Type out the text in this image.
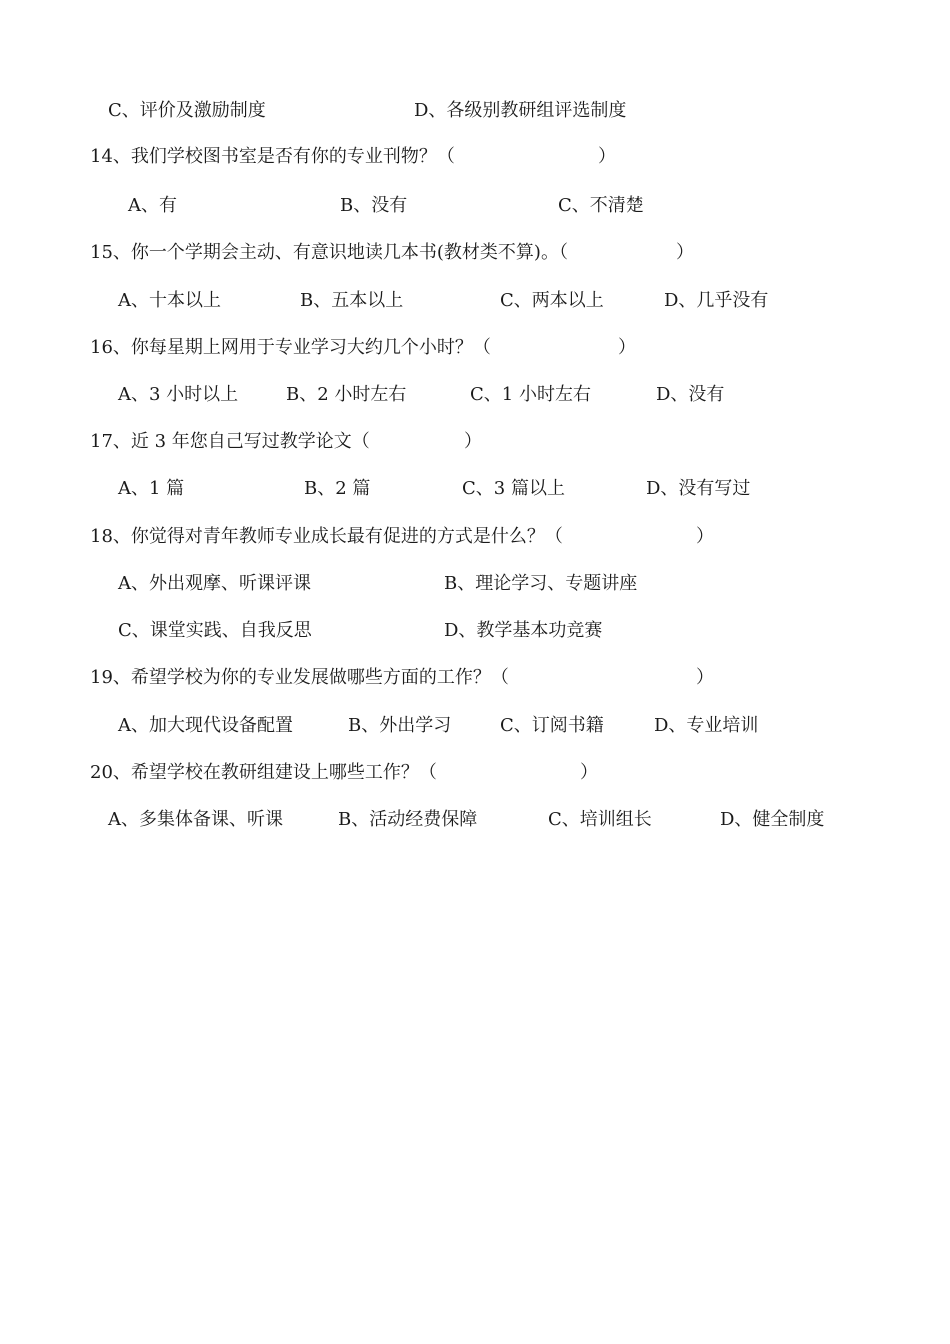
C、评价及激励制度	D、各级别教研组评选制度
14、我们学校图书室是否有你的专业刊物？（	）
A、有	B、没有	C、不清楚
15、你一个学期会主动、有意识地读几本书(教材类不算)。（	）
A、十本以上	B、五本以上	C、两本以上	D、几乎没有
16、你每星期上网用于专业学习大约几个小时？（	）
A、3 小时以上	B、2 小时左右	C、1 小时左右	D、没有
17、近 3 年您自己写过教学论文（	）
A、1 篇	B、2 篇	C、3 篇以上	D、没有写过
18、你觉得对青年教师专业成长最有促进的方式是什么？（	）
A、外出观摩、听课评课	B、理论学习、专题讲座
C、课堂实践、自我反思	D、教学基本功竞赛
19、希望学校为你的专业发展做哪些方面的工作？（	）
A、加大现代设备配置	B、外出学习	C、订阅书籍	D、专业培训
20、希望学校在教研组建设上哪些工作？（	）
A、多集体备课、听课	B、活动经费保障	C、培训组长	D、健全制度
